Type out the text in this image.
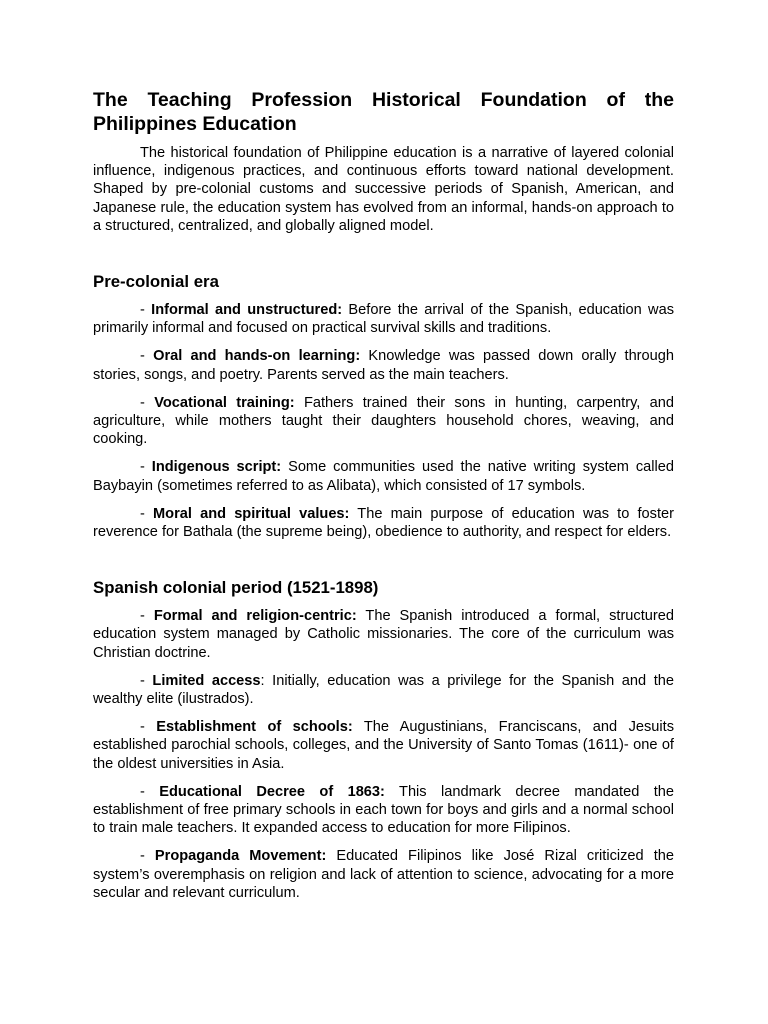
The Teaching Profession Historical Foundation of the Philippines Education

The historical foundation of Philippine education is a narrative of layered colonial influence, indigenous practices, and continuous efforts toward national development. Shaped by pre-colonial customs and successive periods of Spanish, American, and Japanese rule, the education system has evolved from an informal, hands-on approach to a structured, centralized, and globally aligned model.

Pre-colonial era

- Informal and unstructured: Before the arrival of the Spanish, education was primarily informal and focused on practical survival skills and traditions.

- Oral and hands-on learning: Knowledge was passed down orally through stories, songs, and poetry. Parents served as the main teachers.

- Vocational training: Fathers trained their sons in hunting, carpentry, and agriculture, while mothers taught their daughters household chores, weaving, and cooking.

- Indigenous script: Some communities used the native writing system called Baybayin (sometimes referred to as Alibata), which consisted of 17 symbols.

- Moral and spiritual values: The main purpose of education was to foster reverence for Bathala (the supreme being), obedience to authority, and respect for elders.

Spanish colonial period (1521-1898)

- Formal and religion-centric: The Spanish introduced a formal, structured education system managed by Catholic missionaries. The core of the curriculum was Christian doctrine.

- Limited access: Initially, education was a privilege for the Spanish and the wealthy elite (ilustrados).

- Establishment of schools: The Augustinians, Franciscans, and Jesuits established parochial schools, colleges, and the University of Santo Tomas (1611)- one of the oldest universities in Asia.

- Educational Decree of 1863: This landmark decree mandated the establishment of free primary schools in each town for boys and girls and a normal school to train male teachers. It expanded access to education for more Filipinos.

- Propaganda Movement: Educated Filipinos like José Rizal criticized the system’s overemphasis on religion and lack of attention to science, advocating for a more secular and relevant curriculum.
